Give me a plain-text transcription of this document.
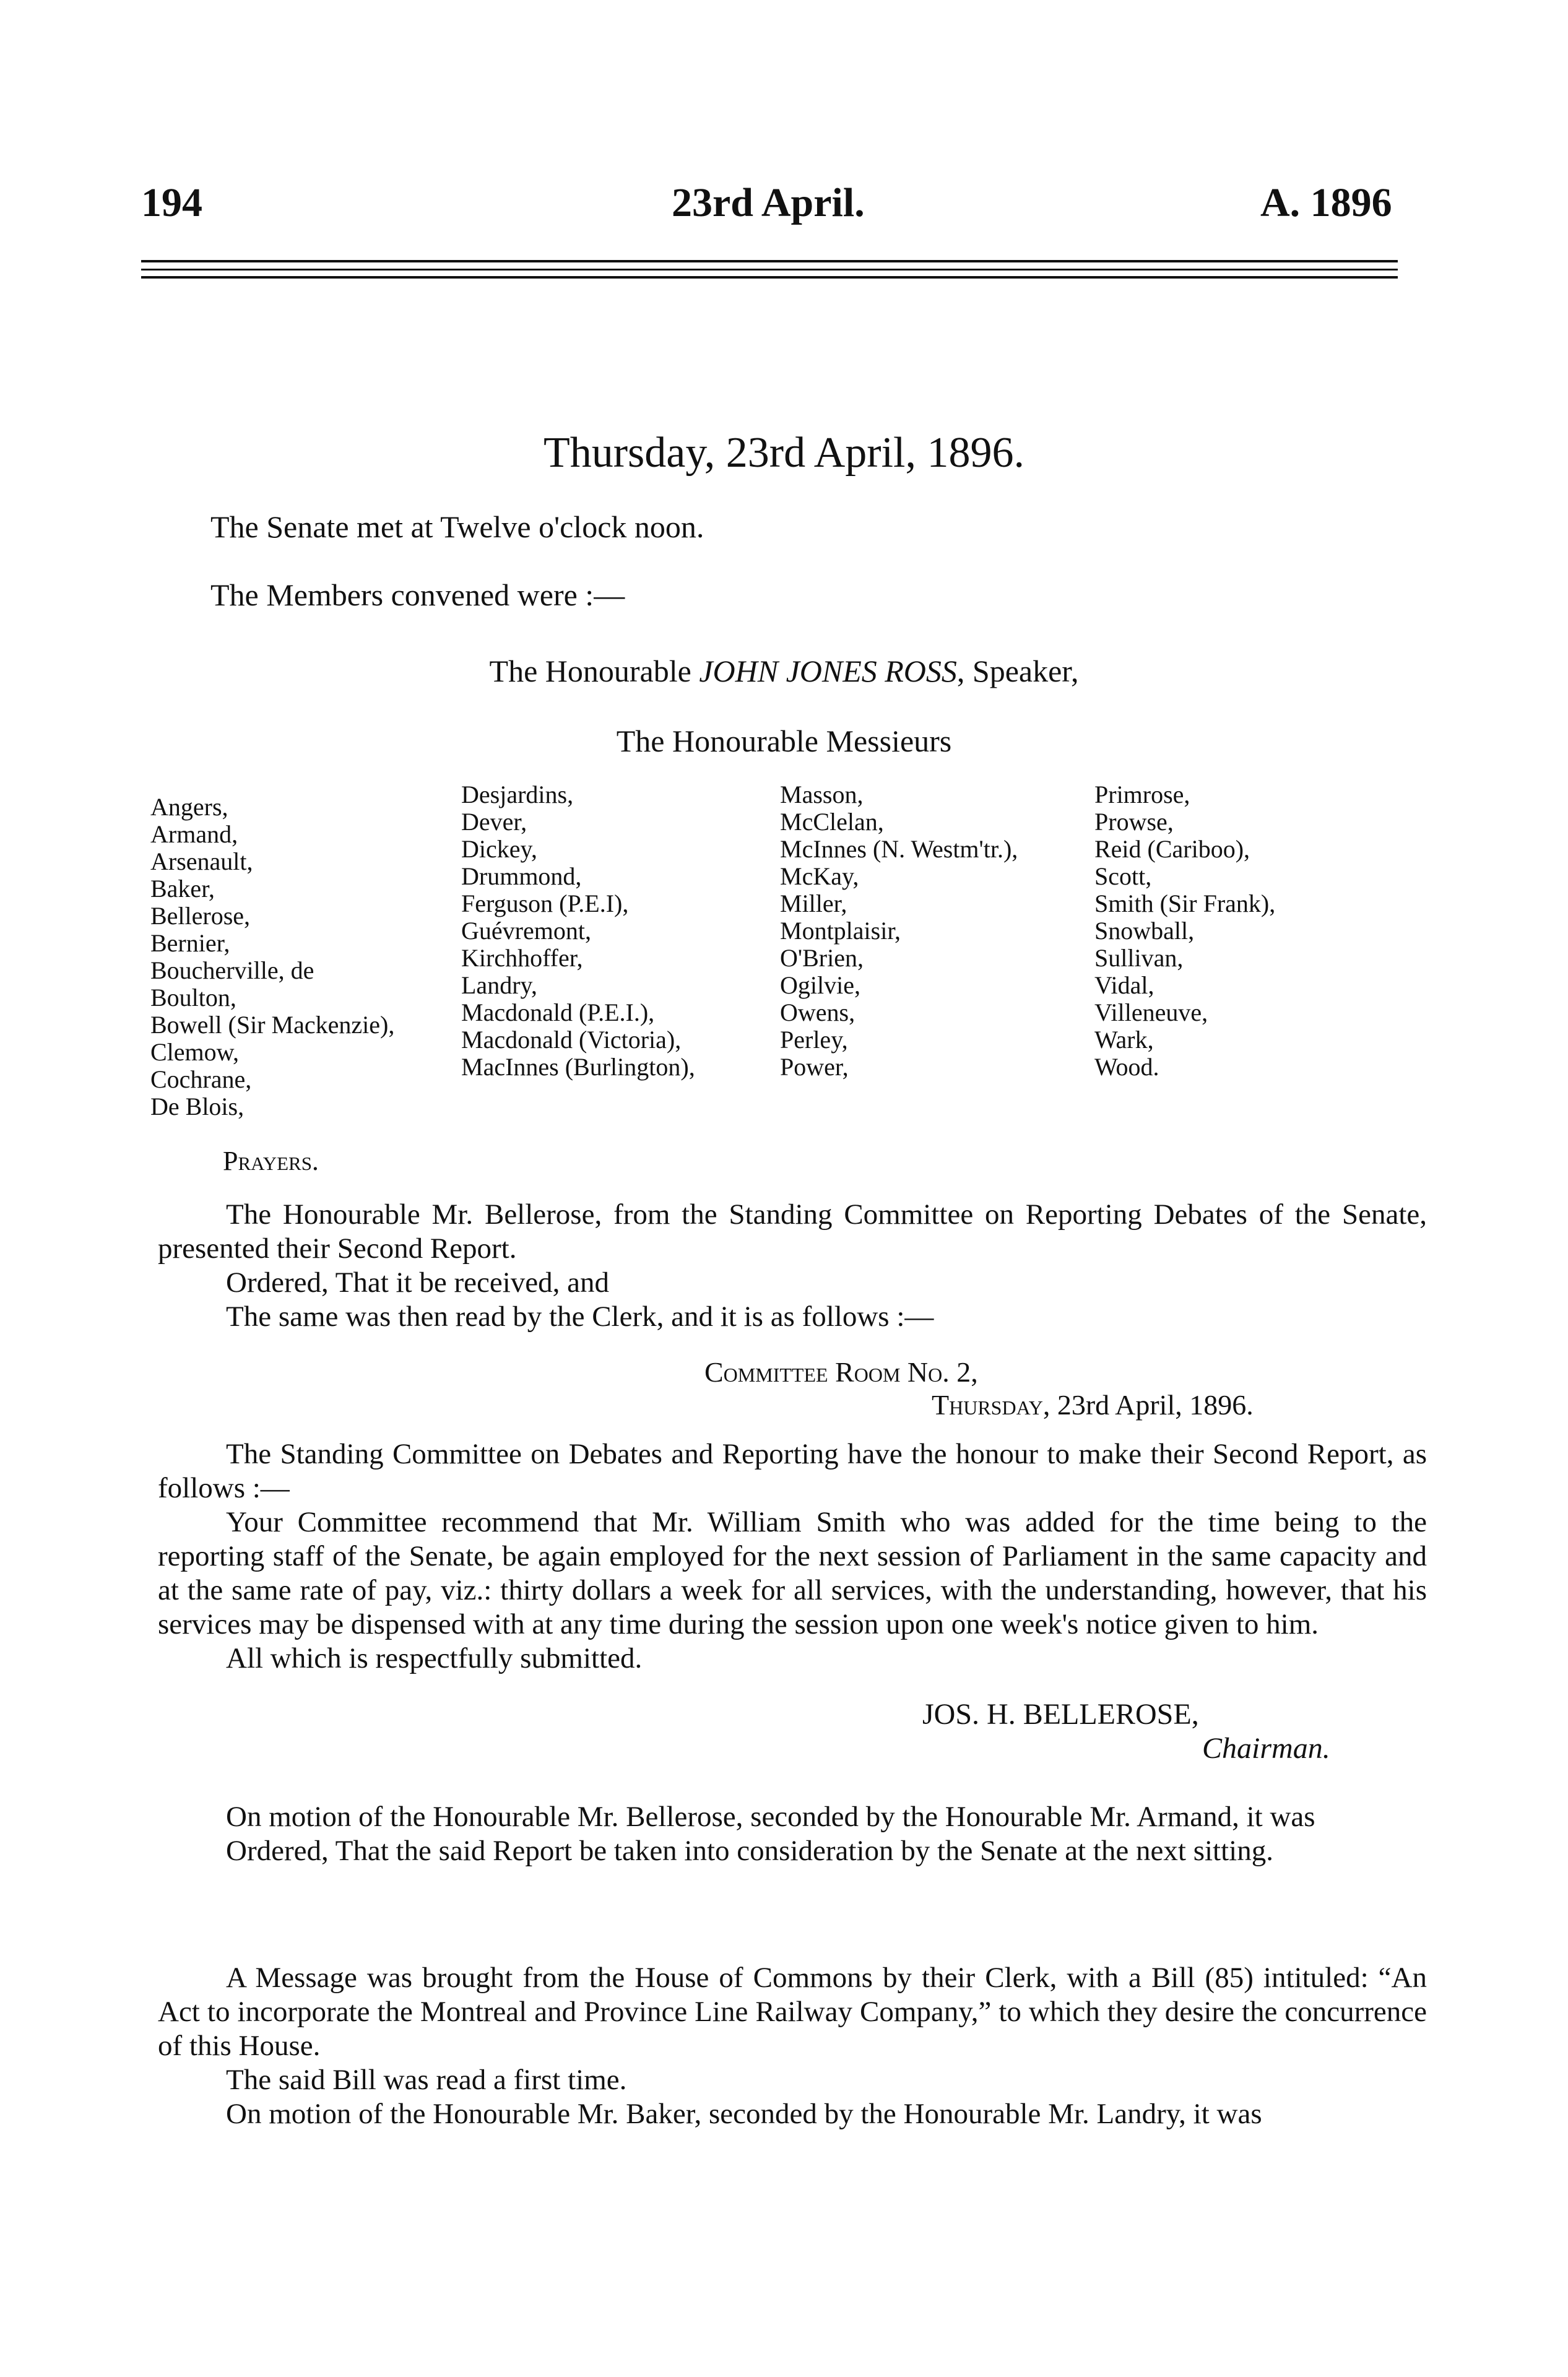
194	23rd April.	A. 1896
Thursday, 23rd April, 1896.
The Senate met at Twelve o'clock noon.
The Members convened were :—
The Honourable JOHN JONES ROSS, Speaker,
The Honourable Messieurs
Angers,
Armand,
Arsenault,
Baker,
Bellerose,
Bernier,
Boucherville, de
Boulton,
Bowell (Sir Mackenzie),
Clemow,
Cochrane,
De Blois,
Desjardins,
Dever,
Dickey,
Drummond,
Ferguson (P.E.I),
Guévremont,
Kirchhoffer,
Landry,
Macdonald (P.E.I.),
Macdonald (Victoria),
MacInnes (Burlington),
Masson,
McClelan,
McInnes (N. Westm'tr.),
McKay,
Miller,
Montplaisir,
O'Brien,
Ogilvie,
Owens,
Perley,
Power,
Primrose,
Prowse,
Reid (Cariboo),
Scott,
Smith (Sir Frank),
Snowball,
Sullivan,
Vidal,
Villeneuve,
Wark,
Wood.
Prayers.

The Honourable Mr. Bellerose, from the Standing Committee on Reporting Debates of the Senate, presented their Second Report.

Ordered, That it be received, and

The same was then read by the Clerk, and it is as follows :—

Committee Room No. 2,
Thursday, 23rd April, 1896.

The Standing Committee on Debates and Reporting have the honour to make their Second Report, as follows :—

Your Committee recommend that Mr. William Smith who was added for the time being to the reporting staff of the Senate, be again employed for the next session of Parliament in the same capacity and at the same rate of pay, viz.: thirty dollars a week for all services, with the understanding, however, that his services may be dispensed with at any time during the session upon one week's notice given to him.

All which is respectfully submitted.

JOS. H. BELLEROSE,
Chairman.

On motion of the Honourable Mr. Bellerose, seconded by the Honourable Mr. Armand, it was

Ordered, That the said Report be taken into consideration by the Senate at the next sitting.

A Message was brought from the House of Commons by their Clerk, with a Bill (85) intituled: “An Act to incorporate the Montreal and Province Line Railway Company,” to which they desire the concurrence of this House.

The said Bill was read a first time.

On motion of the Honourable Mr. Baker, seconded by the Honourable Mr. Landry, it was
